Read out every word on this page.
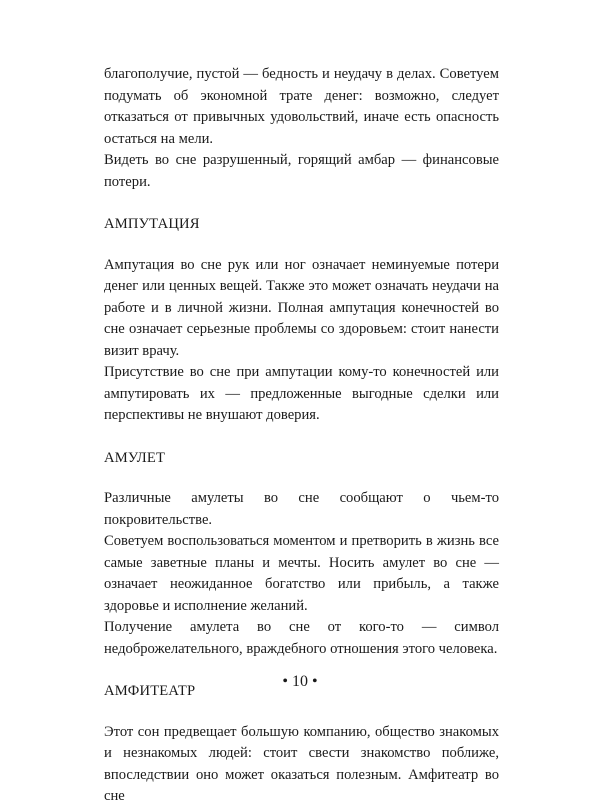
благополучие, пустой — бедность и неудачу в делах. Советуем подумать об экономной трате денег: возможно, следует отказаться от привычных удовольствий, иначе есть опасность остаться на мели.

Видеть во сне разрушенный, горящий амбар — финансовые потери.

АМПУТАЦИЯ

Ампутация во сне рук или ног означает неминуемые потери денег или ценных вещей. Также это может означать неудачи на работе и в личной жизни. Полная ампутация конечностей во сне означает серьезные проблемы со здоровьем: стоит нанести визит врачу.

Присутствие во сне при ампутации кому-то конечностей или ампутировать их — предложенные выгодные сделки или перспективы не внушают доверия.

АМУЛЕТ

Различные амулеты во сне сообщают о чьем-то покровительстве.

Советуем воспользоваться моментом и претворить в жизнь все самые заветные планы и мечты. Носить амулет во сне — означает неожиданное богатство или прибыль, а также здоровье и исполнение желаний.

Получение амулета во сне от кого-то — символ недоброжелательного, враждебного отношения этого человека.

АМФИТЕАТР

Этот сон предвещает большую компанию, общество знакомых и незнакомых людей: стоит свести знакомство поближе, впоследствии оно может оказаться полезным. Амфитеатр во сне

• 10 •
